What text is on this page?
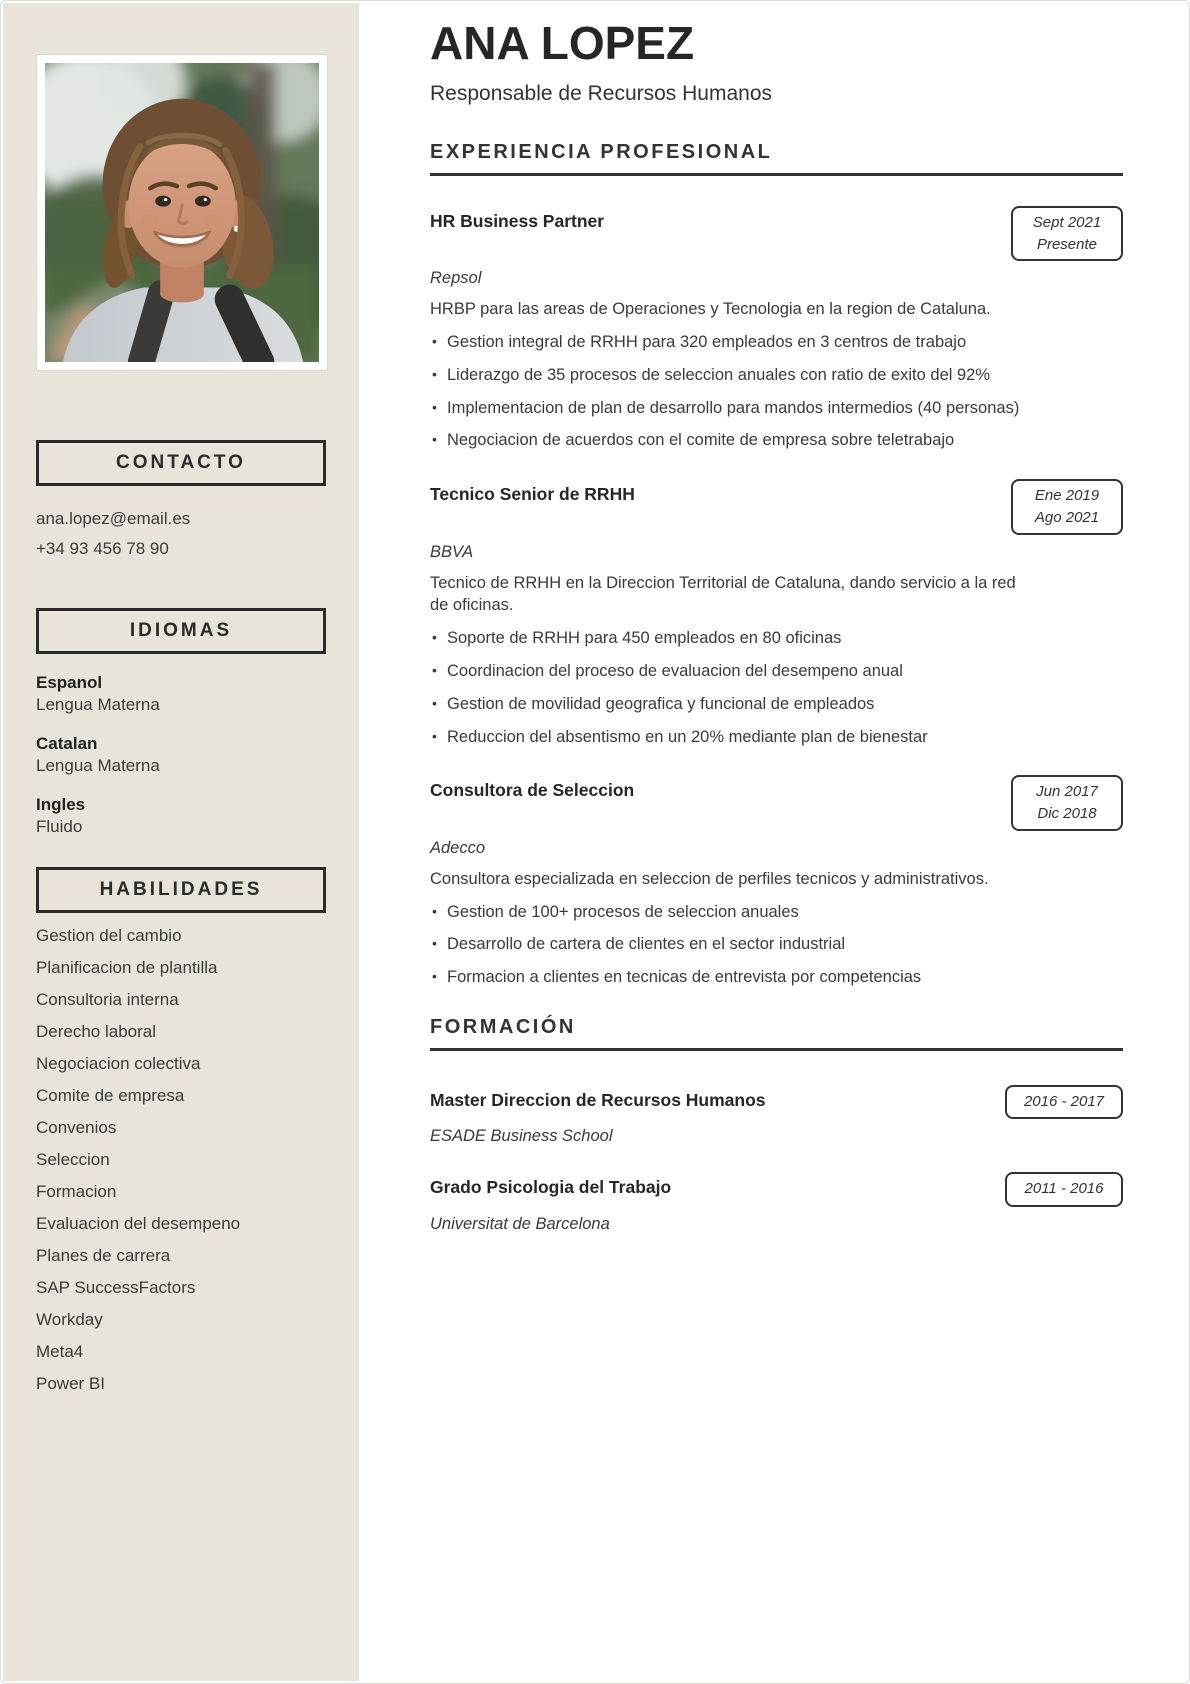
CONTACTO
ana.lopez@email.es
+34 93 456 78 90
IDIOMAS
Espanol
Lengua Materna
Catalan
Lengua Materna
Ingles
Fluido
HABILIDADES
Gestion del cambio
Planificacion de plantilla
Consultoria interna
Derecho laboral
Negociacion colectiva
Comite de empresa
Convenios
Seleccion
Formacion
Evaluacion del desempeno
Planes de carrera
SAP SuccessFactors
Workday
Meta4
Power BI
ANA LOPEZ
Responsable de Recursos Humanos
EXPERIENCIA PROFESIONAL
HR Business Partner	Sept 2021
Presente
Repsol
HRBP para las areas de Operaciones y Tecnologia en la region de Cataluna.
• Gestion integral de RRHH para 320 empleados en 3 centros de trabajo
• Liderazgo de 35 procesos de seleccion anuales con ratio de exito del 92%
• Implementacion de plan de desarrollo para mandos intermedios (40 personas)
• Negociacion de acuerdos con el comite de empresa sobre teletrabajo
Tecnico Senior de RRHH	Ene 2019
Ago 2021
BBVA
Tecnico de RRHH en la Direccion Territorial de Cataluna, dando servicio a la red de oficinas.
• Soporte de RRHH para 450 empleados en 80 oficinas
• Coordinacion del proceso de evaluacion del desempeno anual
• Gestion de movilidad geografica y funcional de empleados
• Reduccion del absentismo en un 20% mediante plan de bienestar
Consultora de Seleccion	Jun 2017
Dic 2018
Adecco
Consultora especializada en seleccion de perfiles tecnicos y administrativos.
• Gestion de 100+ procesos de seleccion anuales
• Desarrollo de cartera de clientes en el sector industrial
• Formacion a clientes en tecnicas de entrevista por competencias
FORMACIÓN
Master Direccion de Recursos Humanos	2016 - 2017
ESADE Business School
Grado Psicologia del Trabajo	2011 - 2016
Universitat de Barcelona
